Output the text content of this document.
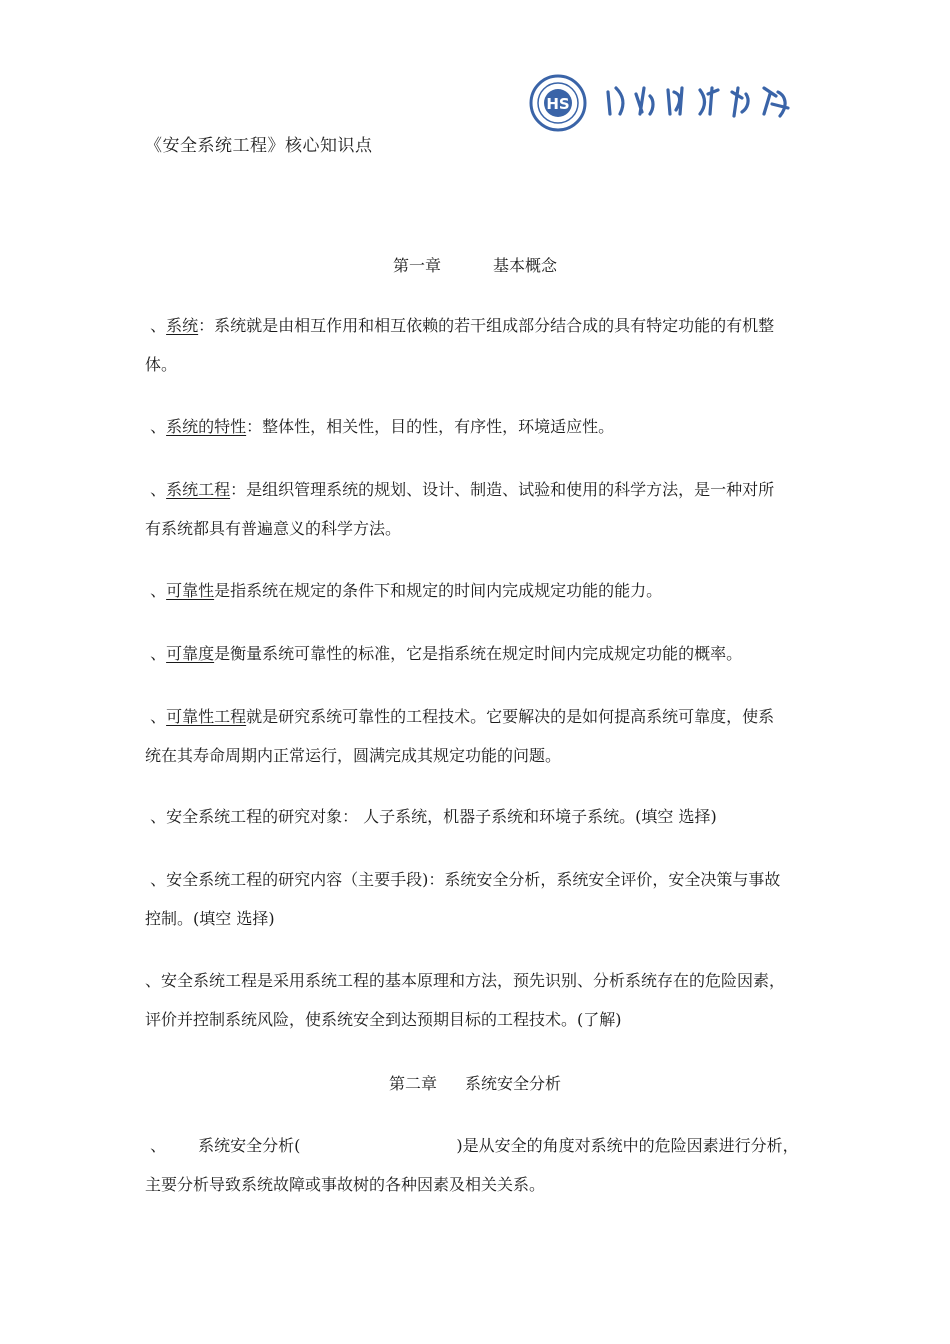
HS
《安全系统工程》核心知识点
第一章	基本概念
、系统：系统就是由相互作用和相互依赖的若干组成部分结合成的具有特定功能的有机整
体。
、系统的特性：整体性，相关性，目的性，有序性，环境适应性。
、系统工程：是组织管理系统的规划、设计、制造、试验和使用的科学方法，是一种对所
有系统都具有普遍意义的科学方法。
、可靠性是指系统在规定的条件下和规定的时间内完成规定功能的能力。
、可靠度是衡量系统可靠性的标准，它是指系统在规定时间内完成规定功能的概率。
、可靠性工程就是研究系统可靠性的工程技术。它要解决的是如何提高系统可靠度，使系
统在其寿命周期内正常运行，圆满完成其规定功能的问题。
、安全系统工程的研究对象： 人子系统，机器子系统和环境子系统。(填空 选择)
、安全系统工程的研究内容（主要手段)：系统安全分析，系统安全评价，安全决策与事故
控制。(填空 选择)
、安全系统工程是采用系统工程的基本原理和方法，预先识别、分析系统存在的危险因素，
评价并控制系统风险，使系统安全到达预期目标的工程技术。(了解)
第二章 系统安全分析
、 系统安全分析(	)是从安全的角度对系统中的危险因素进行分析，
主要分析导致系统故障或事故树的各种因素及相关关系。
